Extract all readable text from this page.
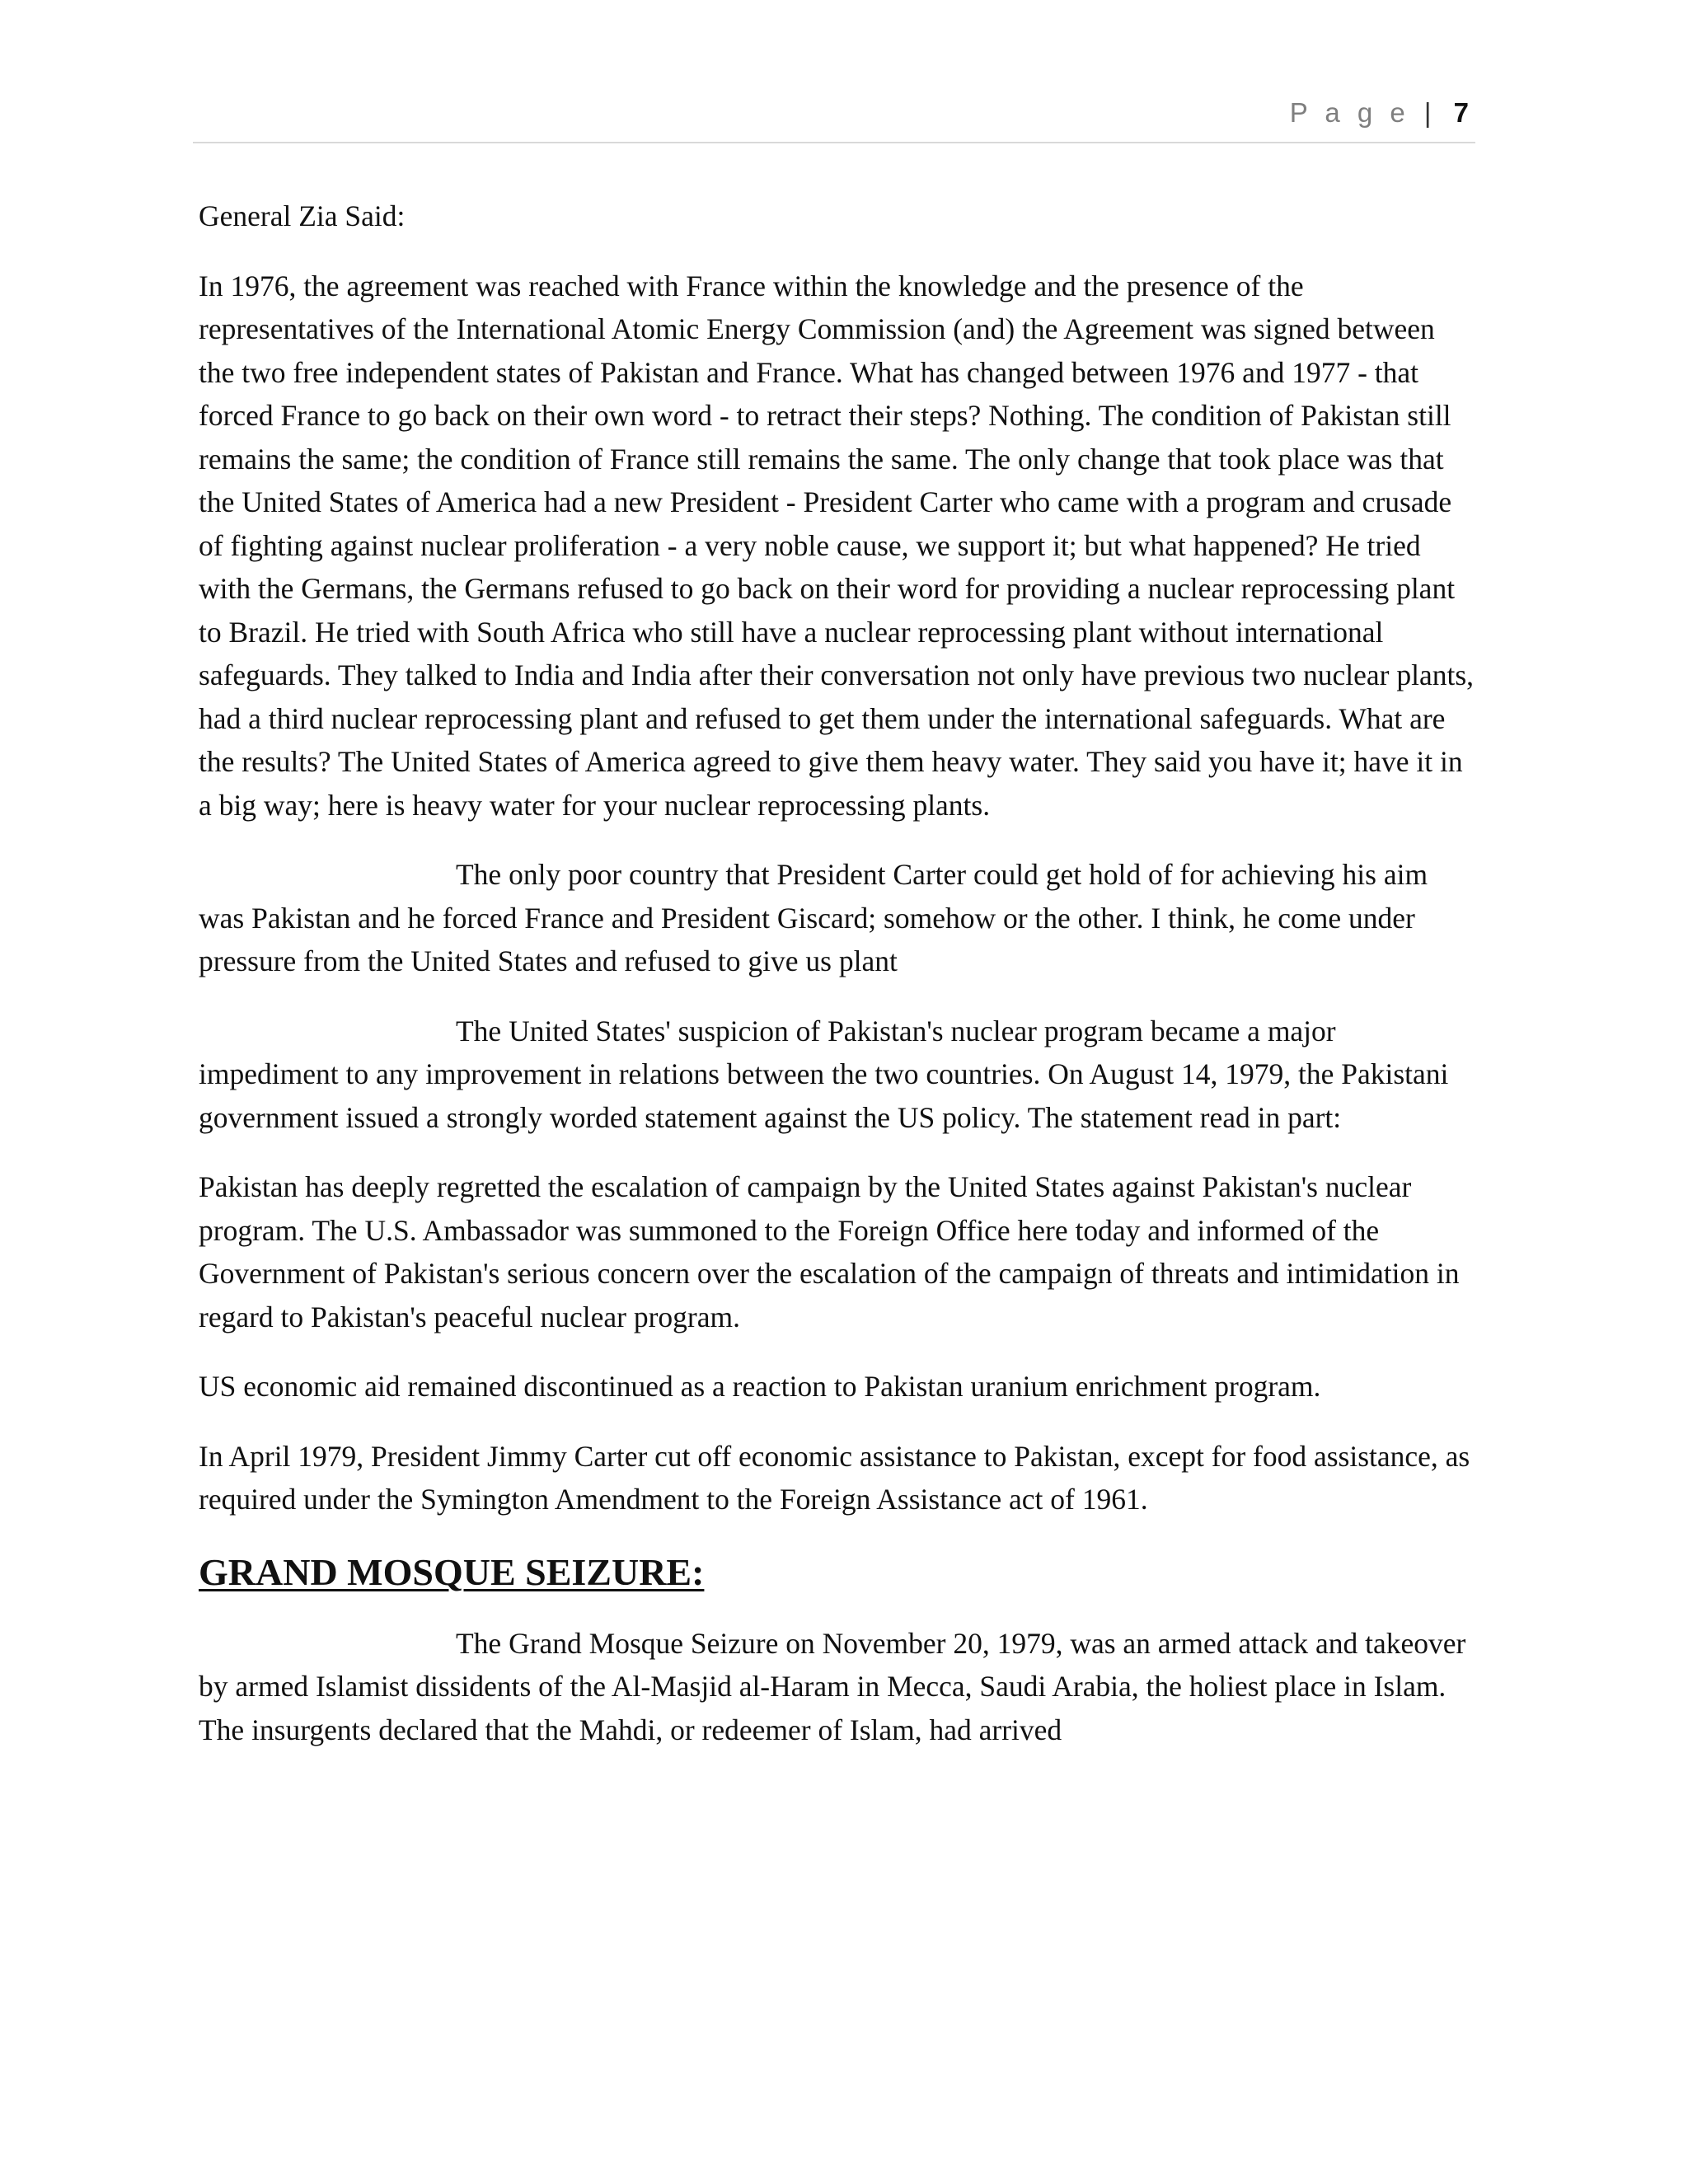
P a g e | 7

General Zia Said:

In 1976, the agreement was reached with France within the knowledge and the presence of the representatives of the International Atomic Energy Commission (and) the Agreement was signed between the two free independent states of Pakistan and France. What has changed between 1976 and 1977 - that forced France to go back on their own word - to retract their steps? Nothing. The condition of Pakistan still remains the same; the condition of France still remains the same. The only change that took place was that the United States of America had a new President - President Carter who came with a program and crusade of fighting against nuclear proliferation - a very noble cause, we support it; but what happened? He tried with the Germans, the Germans refused to go back on their word for providing a nuclear reprocessing plant to Brazil. He tried with South Africa who still have a nuclear reprocessing plant without international safeguards. They talked to India and India after their conversation not only have previous two nuclear plants, had a third nuclear reprocessing plant and refused to get them under the international safeguards. What are the results? The United States of America agreed to give them heavy water. They said you have it; have it in a big way; here is heavy water for your nuclear reprocessing plants.

The only poor country that President Carter could get hold of for achieving his aim was Pakistan and he forced France and President Giscard; somehow or the other. I think, he come under pressure from the United States and refused to give us plant

The United States' suspicion of Pakistan's nuclear program became a major impediment to any improvement in relations between the two countries. On August 14, 1979, the Pakistani government issued a strongly worded statement against the US policy. The statement read in part:

Pakistan has deeply regretted the escalation of campaign by the United States against Pakistan's nuclear program. The U.S. Ambassador was summoned to the Foreign Office here today and informed of the Government of Pakistan's serious concern over the escalation of the campaign of threats and intimidation in regard to Pakistan's peaceful nuclear program.

US economic aid remained discontinued as a reaction to Pakistan uranium enrichment program.

In April 1979, President Jimmy Carter cut off economic assistance to Pakistan, except for food assistance, as required under the Symington Amendment to the Foreign Assistance act of 1961.

GRAND MOSQUE SEIZURE:

The Grand Mosque Seizure on November 20, 1979, was an armed attack and takeover by armed Islamist dissidents of the Al-Masjid al-Haram in Mecca, Saudi Arabia, the holiest place in Islam. The insurgents declared that the Mahdi, or redeemer of Islam, had arrived
